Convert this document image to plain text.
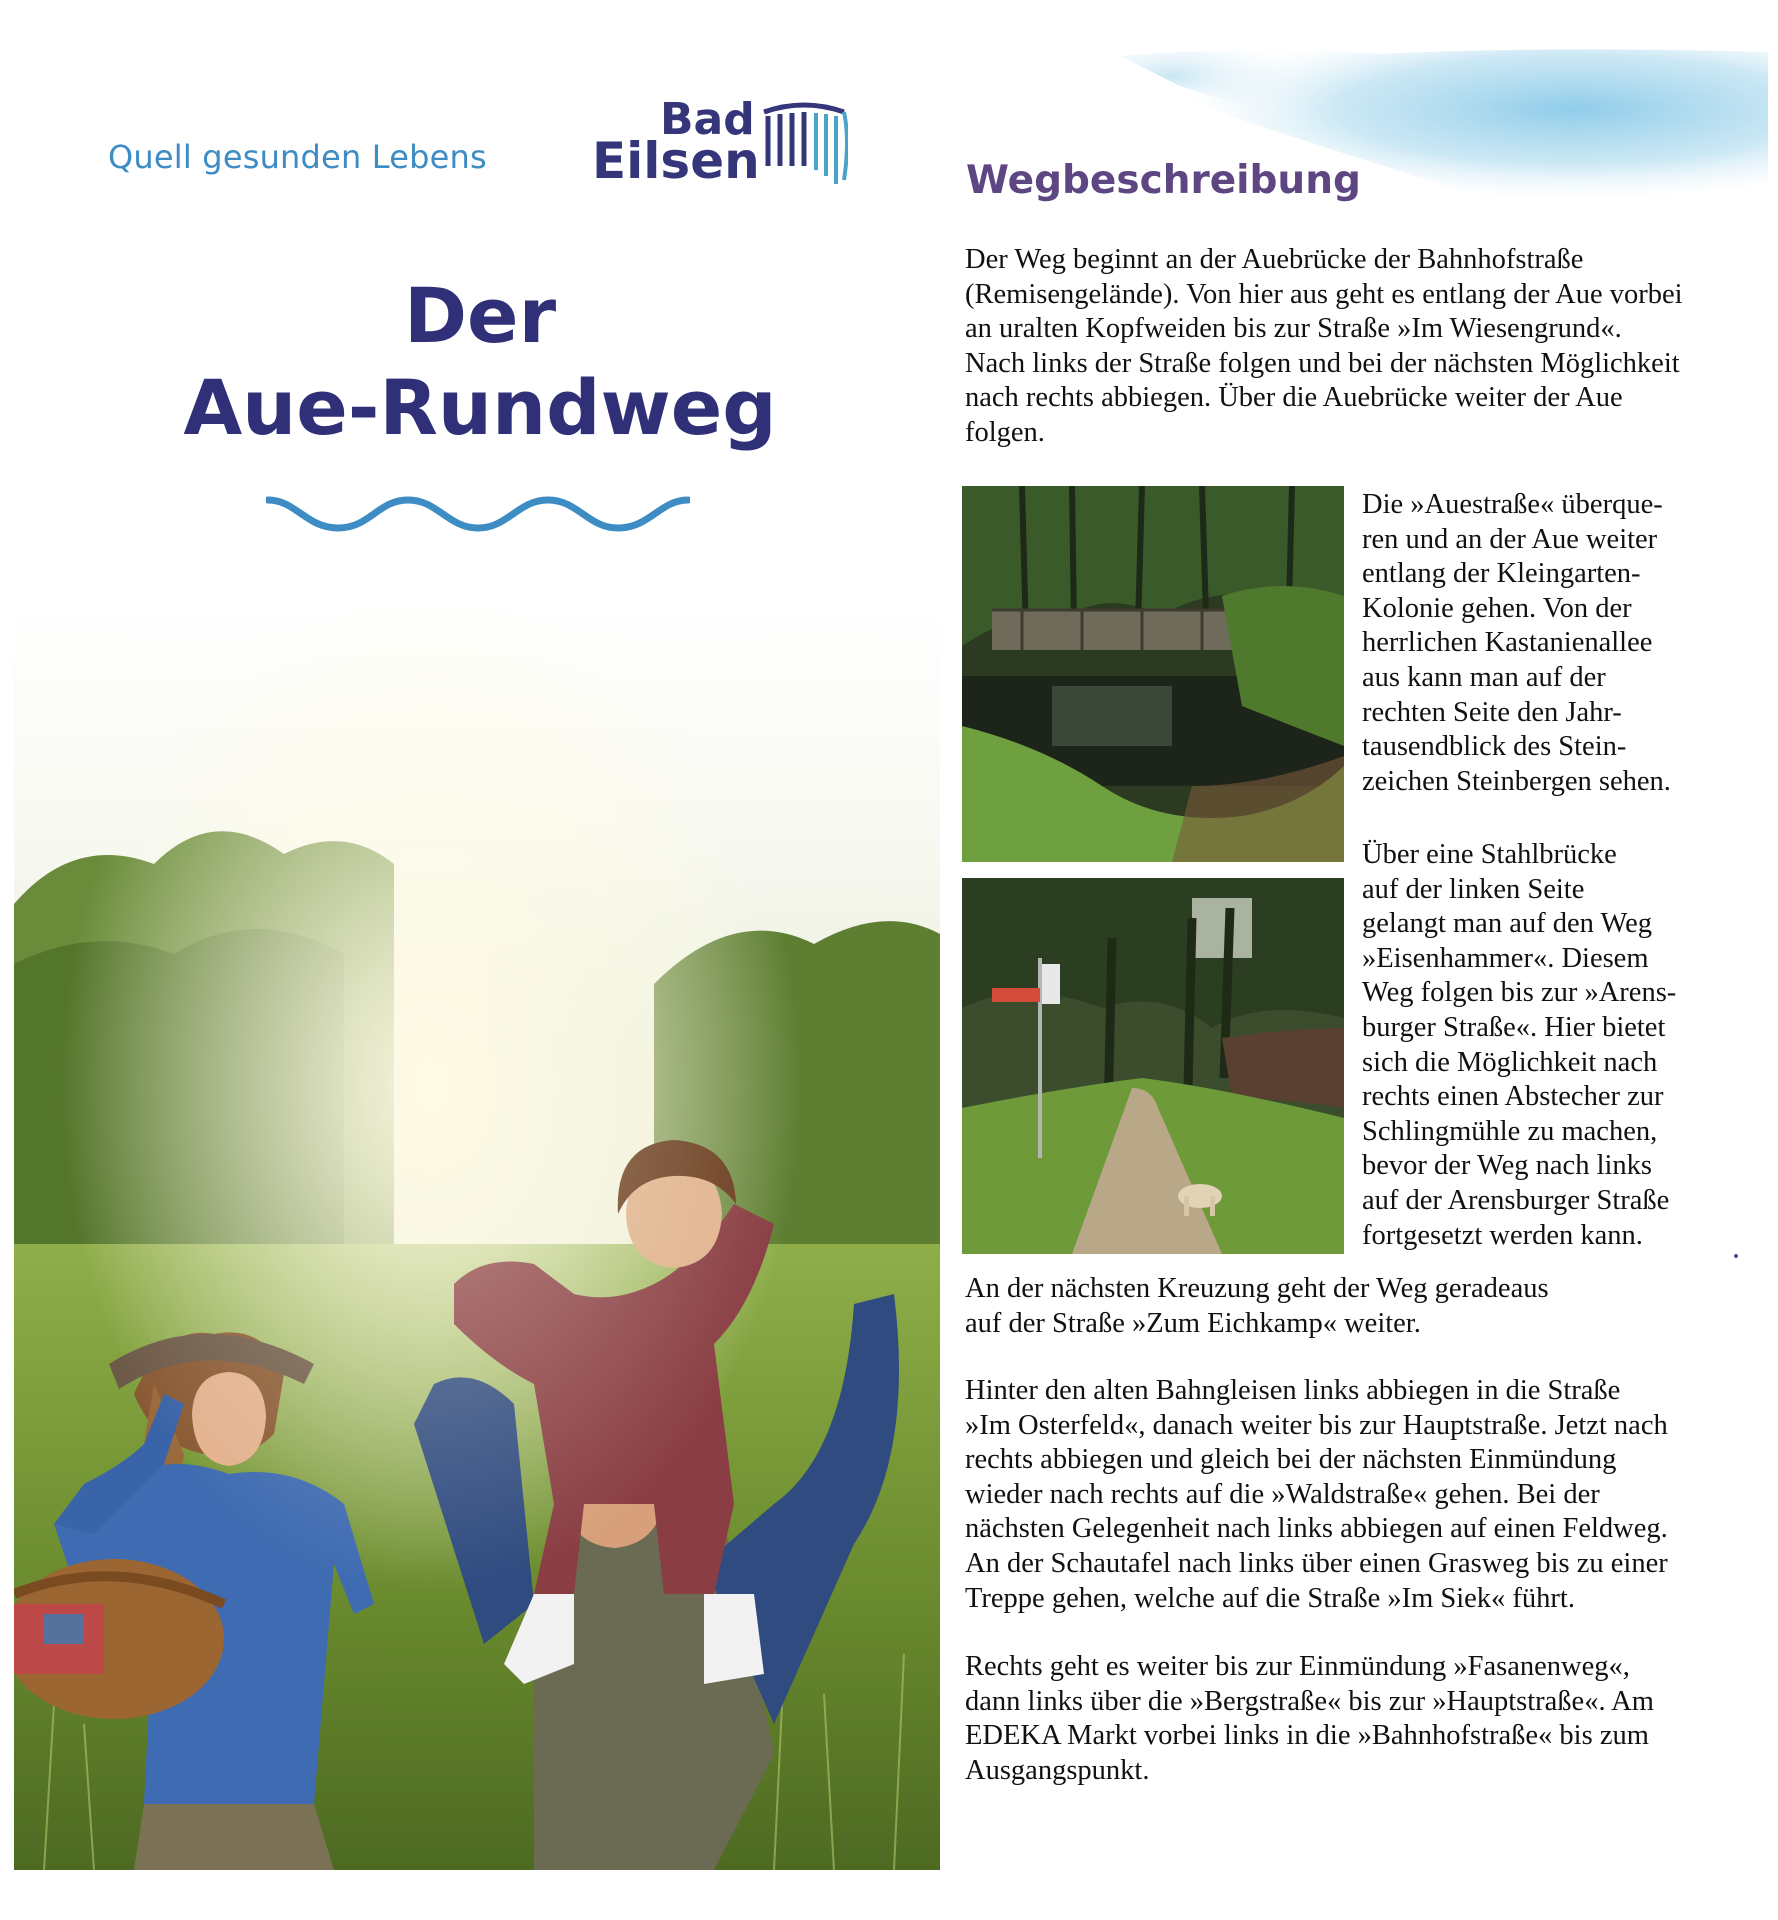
Quell gesunden Lebens
Bad
Eilsen
Der
Aue-Rundweg
Wegbeschreibung
Der Weg beginnt an der Auebrücke der Bahnhofstraße
(Remisengelände). Von hier aus geht es entlang der Aue vorbei
an uralten Kopfweiden bis zur Straße »Im Wiesengrund«.
Nach links der Straße folgen und bei der nächsten Möglichkeit
nach rechts abbiegen. Über die Auebrücke weiter der Aue
folgen.
Die »Auestraße« überque-
ren und an der Aue weiter
entlang der Kleingarten-
Kolonie gehen. Von der
herrlichen Kastanienallee
aus kann man auf der
rechten Seite den Jahr-
tausendblick des Stein-
zeichen Steinbergen sehen.
Über eine Stahlbrücke
auf der linken Seite
gelangt man auf den Weg
»Eisenhammer«. Diesem
Weg folgen bis zur »Arens-
burger Straße«. Hier bietet
sich die Möglichkeit nach
rechts einen Abstecher zur
Schlingmühle zu machen,
bevor der Weg nach links
auf der Arensburger Straße
fortgesetzt werden kann.
An der nächsten Kreuzung geht der Weg geradeaus
auf der Straße »Zum Eichkamp« weiter.
Hinter den alten Bahngleisen links abbiegen in die Straße
»Im Osterfeld«, danach weiter bis zur Hauptstraße. Jetzt nach
rechts abbiegen und gleich bei der nächsten Einmündung
wieder nach rechts auf die »Waldstraße« gehen. Bei der
nächsten Gelegenheit nach links abbiegen auf einen Feldweg.
An der Schautafel nach links über einen Grasweg bis zu einer
Treppe gehen, welche auf die Straße »Im Siek« führt.
Rechts geht es weiter bis zur Einmündung »Fasanenweg«,
dann links über die »Bergstraße« bis zur »Hauptstraße«. Am
EDEKA Markt vorbei links in die »Bahnhofstraße« bis zum
Ausgangspunkt.
